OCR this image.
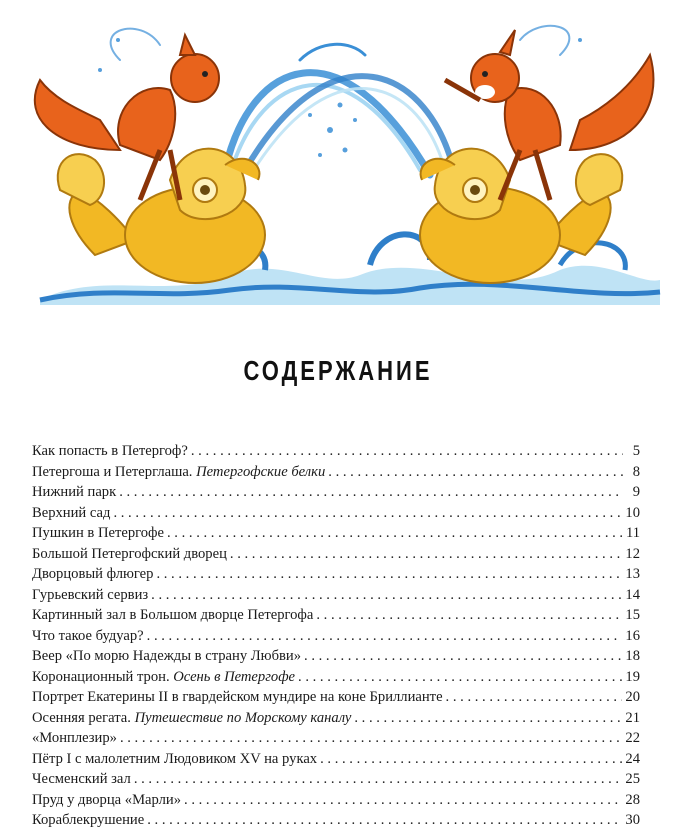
СОДЕРЖАНИЕ
Как попасть в Петергоф? . . .	5
Петергоша и Петерглаша. Петергофские белки . . .	8
Нижний парк . . .	9
Верхний сад . . .	10
Пушкин в Петергофе . . .	11
Большой Петергофский дворец . . .	12
Дворцовый флюгер . . .	13
Гурьевский сервиз . . .	14
Картинный зал в Большом дворце Петергофа . . .	15
Что такое будуар? . . .	16
Веер «По морю Надежды в страну Любви» . . .	18
Коронационный трон. Осень в Петергофе . . .	19
Портрет Екатерины II в гвардейском мундире на коне Бриллианте . . .	20
Осенняя регата. Путешествие по Морскому каналу . . .	21
«Монплезир» . . .	22
Пётр I с малолетним Людовиком XV на руках . . .	24
Чесменский зал . . .	25
Пруд у дворца «Марли» . . .	28
Кораблекрушение . . .	30
